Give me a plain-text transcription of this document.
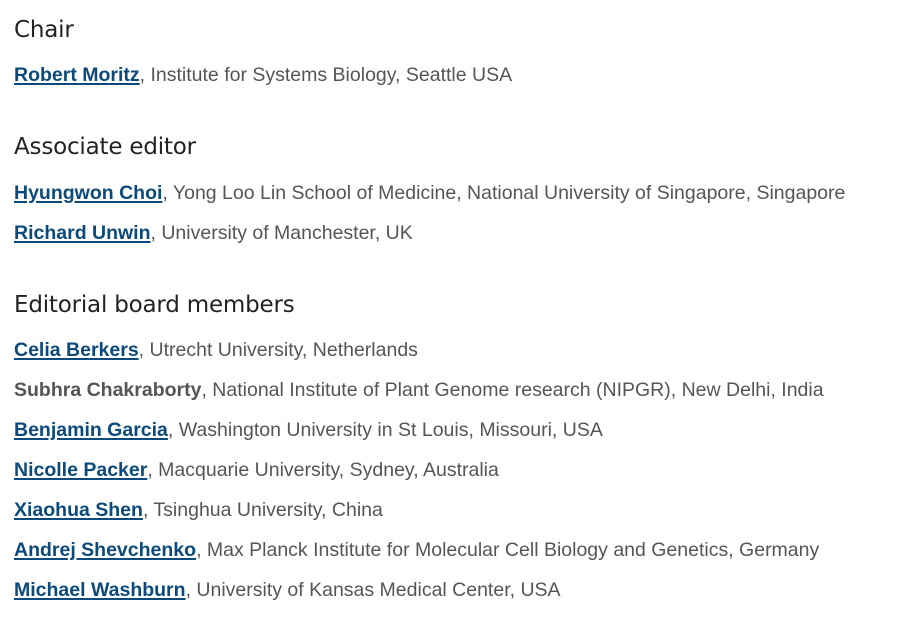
Chair
Robert Moritz, Institute for Systems Biology, Seattle USA
Associate editor
Hyungwon Choi, Yong Loo Lin School of Medicine, National University of Singapore, Singapore
Richard Unwin, University of Manchester, UK
Editorial board members
Celia Berkers, Utrecht University, Netherlands
Subhra Chakraborty, National Institute of Plant Genome research (NIPGR), New Delhi, India
Benjamin Garcia, Washington University in St Louis, Missouri, USA
Nicolle Packer, Macquarie University, Sydney, Australia
Xiaohua Shen, Tsinghua University, China
Andrej Shevchenko, Max Planck Institute for Molecular Cell Biology and Genetics, Germany
Michael Washburn, University of Kansas Medical Center, USA
